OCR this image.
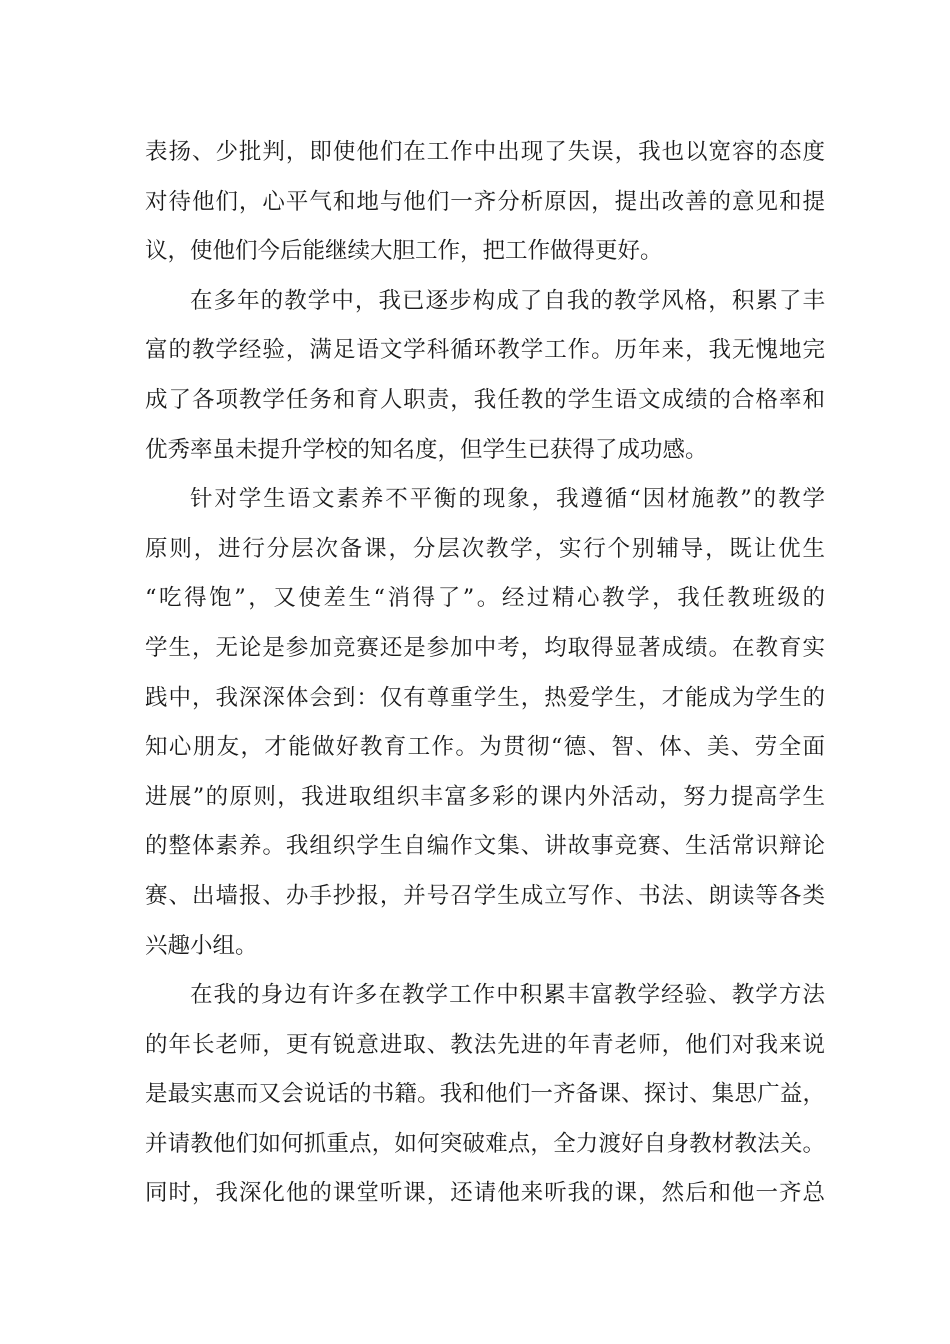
表扬、少批判，即使他们在工作中出现了失误，我也以宽容的态度
对待他们，心平气和地与他们一齐分析原因，提出改善的意见和提
议，使他们今后能继续大胆工作，把工作做得更好。
在多年的教学中，我已逐步构成了自我的教学风格，积累了丰
富的教学经验，满足语文学科循环教学工作。历年来，我无愧地完
成了各项教学任务和育人职责，我任教的学生语文成绩的合格率和
优秀率虽未提升学校的知名度，但学生已获得了成功感。
针对学生语文素养不平衡的现象，我遵循“因材施教”的教学
原则，进行分层次备课，分层次教学，实行个别辅导，既让优生
“吃得饱”，又使差生“消得了”。经过精心教学，我任教班级的
学生，无论是参加竞赛还是参加中考，均取得显著成绩。在教育实
践中，我深深体会到：仅有尊重学生，热爱学生，才能成为学生的
知心朋友，才能做好教育工作。为贯彻“德、智、体、美、劳全面
进展”的原则，我进取组织丰富多彩的课内外活动，努力提高学生
的整体素养。我组织学生自编作文集、讲故事竞赛、生活常识辩论
赛、出墙报、办手抄报，并号召学生成立写作、书法、朗读等各类
兴趣小组。
在我的身边有许多在教学工作中积累丰富教学经验、教学方法
的年长老师，更有锐意进取、教法先进的年青老师，他们对我来说
是最实惠而又会说话的书籍。我和他们一齐备课、探讨、集思广益，
并请教他们如何抓重点，如何突破难点，全力渡好自身教材教法关。
同时，我深化他的课堂听课，还请他来听我的课，然后和他一齐总
